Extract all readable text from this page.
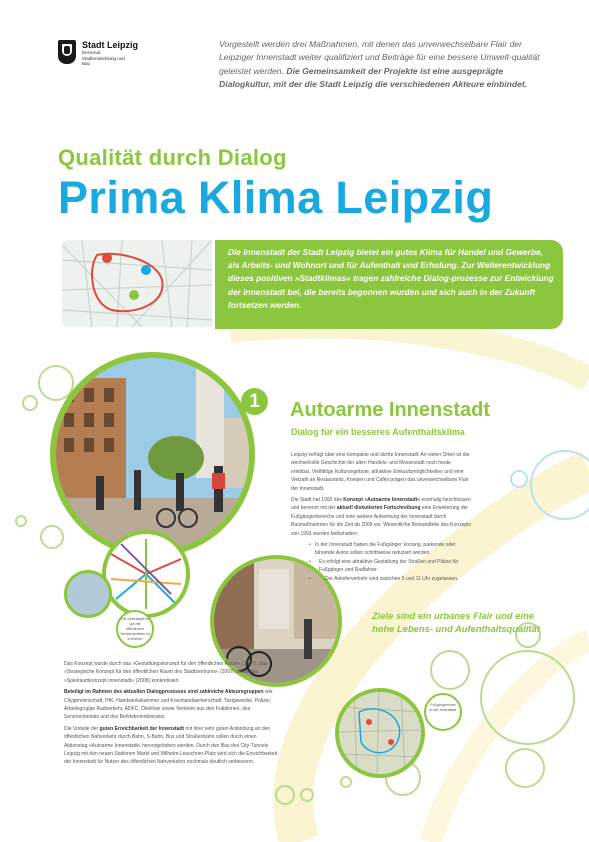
Stadt Leipzig
Dezernat Stadtentwicklung und Bau
Vorgestellt werden drei Maßnahmen, mit denen das unverwechselbare Flair der Leipziger Innenstadt weiter qualifiziert und Beiträge für eine bessere Umwelt-qualität geleistet werden. Die Gemeinsamkeit der Projekte ist eine ausgeprägte Dialogkultur, mit der die Stadt Leipzig die verschiedenen Akteure einbindet.
Qualität durch Dialog
Prima Klima Leipzig
Die Innenstadt der Stadt Leipzig bietet ein gutes Klima für Handel und Gewerbe, als Arbeits- und Wohnort und für Aufenthalt und Erholung. Zur Weiterentwicklung dieses positiven »Stadtklimas« tragen zahlreiche Dialog-prozesse zur Entwicklung der Innenstadt bei, die bereits begonnen wurden und sich auch in der Zukunft fortsetzen werden.
1
Die Innenstadt ist gut mit öffentlichen Verkehrsmitteln zu erreichen
Fußgängerzone in der Innenstadt
Autoarme Innenstadt
Dialog für ein besseres Aufenthaltsklima

Leipzig verfügt über eine kompakte und dichte Innenstadt. An vielen Orten ist die wechselvolle Geschichte der alten Handels- und Messestadt noch heute erlebbar. Vielfältige Kulturangebote, attraktive Einkaufsmöglichkeiten und eine Vielzahl an Restaurants, Kneipen und Cafés prägen das unverwechselbare Flair der Innenstadt.

Die Stadt hat 1993 das Konzept »Autoarme Innenstadt« erstmalig beschlossen und benennt mit der aktuell diskutierten Fortschreibung eine Erweiterung der Fußgängerbereiche und eine weitere Aufwertung der Innenstadt durch Baumaßnahmen für die Zeit ab 2009 vor. Wesentliche Bestandteile des Konzepts von 1993 wurden beibehalten:

• In der Innenstadt haben die Fußgänger Vorrang, parkende oder fahrende Autos sollen schrittweise reduziert werden.
• Es erfolgt eine attraktive Gestaltung der Straßen und Plätze für Fußgänger und Radfahrer.
• Der Anlieferverkehr wird zwischen 5 und 11 Uhr zugelassen.
Ziele sind ein urbanes Flair und eine hohe Lebens- und Aufenthaltsqualität

Das Konzept wurde durch das »Gestaltungskonzept für den öffentlichen Raum« (1997), das »Strategische Konzept für den öffentlichen Raum des Stadtzentrums« (2007) sowie das »Spielraumkonzept Innenstadt« (2008) konkretisiert.

Beteiligt im Rahmen des aktuellen Dialogprozesses sind zahlreiche Akteursgruppen wie Citygemeinschaft, IHK, Handwerkskammer und Kreishandwerkerschaft, Taxigewerbe, Polizei, Arbeitsgruppe Radverkehr, ADFC, Ökolöwe sowie Vertreter aus den Fraktionen, des Seniorenbeirats und des Behindertenbeirates.

Die Vorteile der guten Erreichbarkeit der Innenstadt mit ihrer sehr guten Anbindung an den öffentlichen Nahverkehr durch Bahn, S-Bahn, Bus und Straßenbahn sollen durch einen Aktionstag »Autoarme Innenstadt« hervorgehoben werden. Durch den Bau des City-Tunnels Leipzig mit den neuen Stationen Markt und Wilhelm-Leuschner-Platz wird sich die Erreichbarkeit der Innenstadt für Nutzer des öffentlichen Nahverkehrs nochmals deutlich verbessern.
